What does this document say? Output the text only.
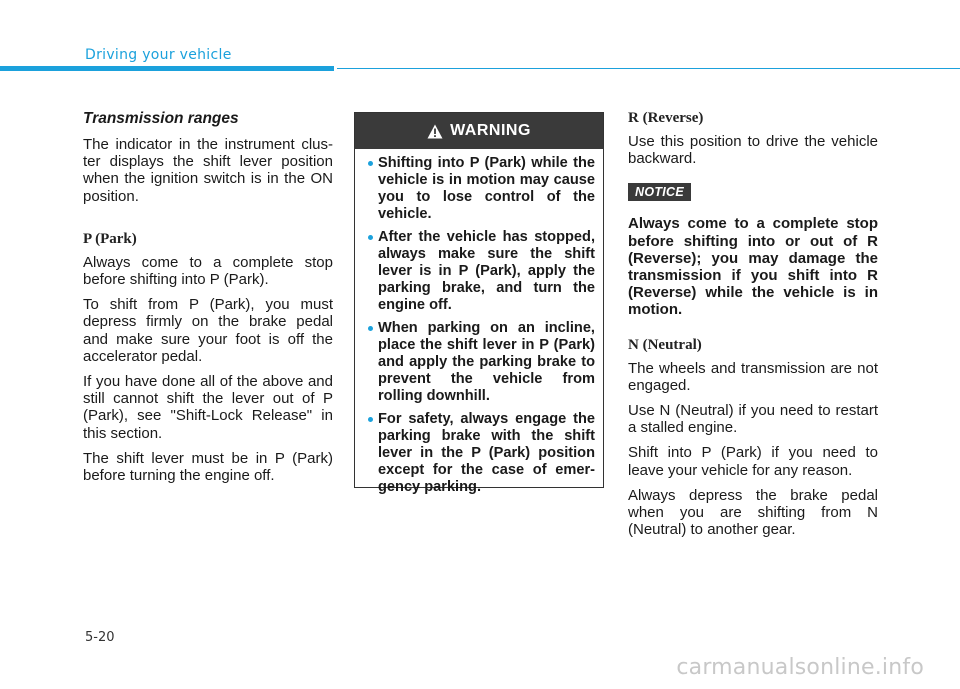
Driving your vehicle
Transmission ranges

The indicator in the instrument clus-ter displays the shift lever position when the ignition switch is in the ON position.

P (Park)

Always come to a complete stop before shifting into P (Park).

To shift from P (Park), you must depress firmly on the brake pedal and make sure your foot is off the accelerator pedal.

If you have done all of the above and still cannot shift the lever out of P (Park), see "Shift-Lock Release" in this section.

The shift lever must be in P (Park) before turning the engine off.

WARNING
Shifting into P (Park) while the vehicle is in motion may cause you to lose control of the vehicle.
After the vehicle has stopped, always make sure the shift lever is in P (Park), apply the parking brake, and turn the engine off.
When parking on an incline, place the shift lever in P (Park) and apply the parking brake to prevent the vehicle from rolling downhill.
For safety, always engage the parking brake with the shift lever in the P (Park) position except for the case of emer-gency parking.
R (Reverse)

Use this position to drive the vehicle backward.

NOTICE

Always come to a complete stop before shifting into or out of R (Reverse); you may damage the transmission if you shift into R (Reverse) while the vehicle is in motion.

N (Neutral)

The wheels and transmission are not engaged.

Use N (Neutral) if you need to restart a stalled engine.

Shift into P (Park) if you need to leave your vehicle for any reason.

Always depress the brake pedal when you are shifting from N (Neutral) to another gear.

5-20
carmanualsonline.info
